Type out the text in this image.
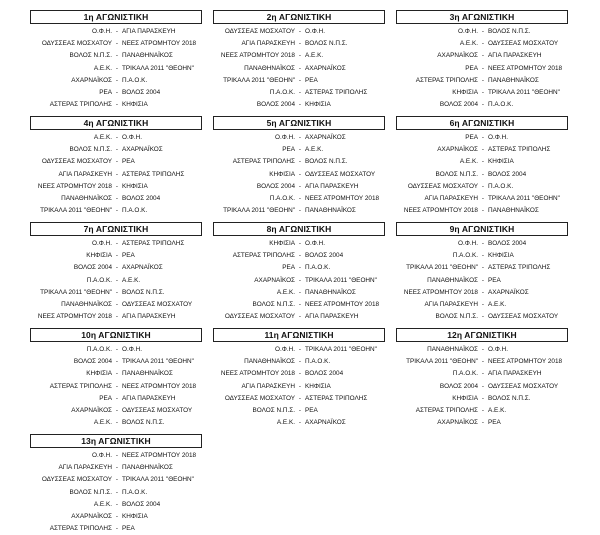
1η ΑΓΩΝΙΣΤΙΚΗ
Ο.Φ.Η. - ΑΓΙΑ ΠΑΡΑΣΚΕΥΗ
ΟΔΥΣΣΕΑΣ ΜΟΣΧΑΤΟΥ - ΝΕΕΣ ΑΤΡΟΜΗΤΟΥ 2018
ΒΟΛΟΣ Ν.Π.Σ. - ΠΑΝΑΘΗΝΑΪΚΟΣ
Α.Ε.Κ. - ΤΡΙΚΑΛΑ 2011 "ΘΕΟΗΝ"
ΑΧΑΡΝΑΪΚΟΣ - Π.Α.Ο.Κ.
ΡΕΑ - ΒΟΛΟΣ 2004
ΑΣΤΕΡΑΣ ΤΡΙΠΟΛΗΣ - ΚΗΦΙΣΙΑ
2η ΑΓΩΝΙΣΤΙΚΗ
ΟΔΥΣΣΕΑΣ ΜΟΣΧΑΤΟΥ - Ο.Φ.Η.
ΑΓΙΑ ΠΑΡΑΣΚΕΥΗ - ΒΟΛΟΣ Ν.Π.Σ.
ΝΕΕΣ ΑΤΡΟΜΗΤΟΥ 2018 - Α.Ε.Κ.
ΠΑΝΑΘΗΝΑΪΚΟΣ - ΑΧΑΡΝΑΪΚΟΣ
ΤΡΙΚΑΛΑ 2011 "ΘΕΟΗΝ" - ΡΕΑ
Π.Α.Ο.Κ. - ΑΣΤΕΡΑΣ ΤΡΙΠΟΛΗΣ
ΒΟΛΟΣ 2004 - ΚΗΦΙΣΙΑ
3η ΑΓΩΝΙΣΤΙΚΗ
Ο.Φ.Η. - ΒΟΛΟΣ Ν.Π.Σ.
Α.Ε.Κ. - ΟΔΥΣΣΕΑΣ ΜΟΣΧΑΤΟΥ
ΑΧΑΡΝΑΪΚΟΣ - ΑΓΙΑ ΠΑΡΑΣΚΕΥΗ
ΡΕΑ - ΝΕΕΣ ΑΤΡΟΜΗΤΟΥ 2018
ΑΣΤΕΡΑΣ ΤΡΙΠΟΛΗΣ - ΠΑΝΑΘΗΝΑΪΚΟΣ
ΚΗΦΙΣΙΑ - ΤΡΙΚΑΛΑ 2011 "ΘΕΟΗΝ"
ΒΟΛΟΣ 2004 - Π.Α.Ο.Κ.
4η ΑΓΩΝΙΣΤΙΚΗ
Α.Ε.Κ. - Ο.Φ.Η.
ΒΟΛΟΣ Ν.Π.Σ. - ΑΧΑΡΝΑΪΚΟΣ
ΟΔΥΣΣΕΑΣ ΜΟΣΧΑΤΟΥ - ΡΕΑ
ΑΓΙΑ ΠΑΡΑΣΚΕΥΗ - ΑΣΤΕΡΑΣ ΤΡΙΠΟΛΗΣ
ΝΕΕΣ ΑΤΡΟΜΗΤΟΥ 2018 - ΚΗΦΙΣΙΑ
ΠΑΝΑΘΗΝΑΪΚΟΣ - ΒΟΛΟΣ 2004
ΤΡΙΚΑΛΑ 2011 "ΘΕΟΗΝ" - Π.Α.Ο.Κ.
5η ΑΓΩΝΙΣΤΙΚΗ
Ο.Φ.Η. - ΑΧΑΡΝΑΪΚΟΣ
ΡΕΑ - Α.Ε.Κ.
ΑΣΤΕΡΑΣ ΤΡΙΠΟΛΗΣ - ΒΟΛΟΣ Ν.Π.Σ.
ΚΗΦΙΣΙΑ - ΟΔΥΣΣΕΑΣ ΜΟΣΧΑΤΟΥ
ΒΟΛΟΣ 2004 - ΑΓΙΑ ΠΑΡΑΣΚΕΥΗ
Π.Α.Ο.Κ. - ΝΕΕΣ ΑΤΡΟΜΗΤΟΥ 2018
ΤΡΙΚΑΛΑ 2011 "ΘΕΟΗΝ" - ΠΑΝΑΘΗΝΑΪΚΟΣ
6η ΑΓΩΝΙΣΤΙΚΗ
ΡΕΑ - Ο.Φ.Η.
ΑΧΑΡΝΑΪΚΟΣ - ΑΣΤΕΡΑΣ ΤΡΙΠΟΛΗΣ
Α.Ε.Κ. - ΚΗΦΙΣΙΑ
ΒΟΛΟΣ Ν.Π.Σ. - ΒΟΛΟΣ 2004
ΟΔΥΣΣΕΑΣ ΜΟΣΧΑΤΟΥ - Π.Α.Ο.Κ.
ΑΓΙΑ ΠΑΡΑΣΚΕΥΗ - ΤΡΙΚΑΛΑ 2011 "ΘΕΟΗΝ"
ΝΕΕΣ ΑΤΡΟΜΗΤΟΥ 2018 - ΠΑΝΑΘΗΝΑΪΚΟΣ
7η ΑΓΩΝΙΣΤΙΚΗ
Ο.Φ.Η. - ΑΣΤΕΡΑΣ ΤΡΙΠΟΛΗΣ
ΚΗΦΙΣΙΑ - ΡΕΑ
ΒΟΛΟΣ 2004 - ΑΧΑΡΝΑΪΚΟΣ
Π.Α.Ο.Κ. - Α.Ε.Κ.
ΤΡΙΚΑΛΑ 2011 "ΘΕΟΗΝ" - ΒΟΛΟΣ Ν.Π.Σ.
ΠΑΝΑΘΗΝΑΪΚΟΣ - ΟΔΥΣΣΕΑΣ ΜΟΣΧΑΤΟΥ
ΝΕΕΣ ΑΤΡΟΜΗΤΟΥ 2018 - ΑΓΙΑ ΠΑΡΑΣΚΕΥΗ
8η ΑΓΩΝΙΣΤΙΚΗ
ΚΗΦΙΣΙΑ - Ο.Φ.Η.
ΑΣΤΕΡΑΣ ΤΡΙΠΟΛΗΣ - ΒΟΛΟΣ 2004
ΡΕΑ - Π.Α.Ο.Κ.
ΑΧΑΡΝΑΪΚΟΣ - ΤΡΙΚΑΛΑ 2011 "ΘΕΟΗΝ"
Α.Ε.Κ. - ΠΑΝΑΘΗΝΑΪΚΟΣ
ΒΟΛΟΣ Ν.Π.Σ. - ΝΕΕΣ ΑΤΡΟΜΗΤΟΥ 2018
ΟΔΥΣΣΕΑΣ ΜΟΣΧΑΤΟΥ - ΑΓΙΑ ΠΑΡΑΣΚΕΥΗ
9η ΑΓΩΝΙΣΤΙΚΗ
Ο.Φ.Η. - ΒΟΛΟΣ 2004
Π.Α.Ο.Κ. - ΚΗΦΙΣΙΑ
ΤΡΙΚΑΛΑ 2011 "ΘΕΟΗΝ" - ΑΣΤΕΡΑΣ ΤΡΙΠΟΛΗΣ
ΠΑΝΑΘΗΝΑΪΚΟΣ - ΡΕΑ
ΝΕΕΣ ΑΤΡΟΜΗΤΟΥ 2018 - ΑΧΑΡΝΑΪΚΟΣ
ΑΓΙΑ ΠΑΡΑΣΚΕΥΗ - Α.Ε.Κ.
ΒΟΛΟΣ Ν.Π.Σ. - ΟΔΥΣΣΕΑΣ ΜΟΣΧΑΤΟΥ
10η ΑΓΩΝΙΣΤΙΚΗ
Π.Α.Ο.Κ. - Ο.Φ.Η.
ΒΟΛΟΣ 2004 - ΤΡΙΚΑΛΑ 2011 "ΘΕΟΗΝ"
ΚΗΦΙΣΙΑ - ΠΑΝΑΘΗΝΑΪΚΟΣ
ΑΣΤΕΡΑΣ ΤΡΙΠΟΛΗΣ - ΝΕΕΣ ΑΤΡΟΜΗΤΟΥ 2018
ΡΕΑ - ΑΓΙΑ ΠΑΡΑΣΚΕΥΗ
ΑΧΑΡΝΑΪΚΟΣ - ΟΔΥΣΣΕΑΣ ΜΟΣΧΑΤΟΥ
Α.Ε.Κ. - ΒΟΛΟΣ Ν.Π.Σ.
11η ΑΓΩΝΙΣΤΙΚΗ
Ο.Φ.Η. - ΤΡΙΚΑΛΑ 2011 "ΘΕΟΗΝ"
ΠΑΝΑΘΗΝΑΪΚΟΣ - Π.Α.Ο.Κ.
ΝΕΕΣ ΑΤΡΟΜΗΤΟΥ 2018 - ΒΟΛΟΣ 2004
ΑΓΙΑ ΠΑΡΑΣΚΕΥΗ - ΚΗΦΙΣΙΑ
ΟΔΥΣΣΕΑΣ ΜΟΣΧΑΤΟΥ - ΑΣΤΕΡΑΣ ΤΡΙΠΟΛΗΣ
ΒΟΛΟΣ Ν.Π.Σ. - ΡΕΑ
Α.Ε.Κ. - ΑΧΑΡΝΑΪΚΟΣ
12η ΑΓΩΝΙΣΤΙΚΗ
ΠΑΝΑΘΗΝΑΪΚΟΣ - Ο.Φ.Η.
ΤΡΙΚΑΛΑ 2011 "ΘΕΟΗΝ" - ΝΕΕΣ ΑΤΡΟΜΗΤΟΥ 2018
Π.Α.Ο.Κ. - ΑΓΙΑ ΠΑΡΑΣΚΕΥΗ
ΒΟΛΟΣ 2004 - ΟΔΥΣΣΕΑΣ ΜΟΣΧΑΤΟΥ
ΚΗΦΙΣΙΑ - ΒΟΛΟΣ Ν.Π.Σ.
ΑΣΤΕΡΑΣ ΤΡΙΠΟΛΗΣ - Α.Ε.Κ.
ΑΧΑΡΝΑΪΚΟΣ - ΡΕΑ
13η ΑΓΩΝΙΣΤΙΚΗ
Ο.Φ.Η. - ΝΕΕΣ ΑΤΡΟΜΗΤΟΥ 2018
ΑΓΙΑ ΠΑΡΑΣΚΕΥΗ - ΠΑΝΑΘΗΝΑΪΚΟΣ
ΟΔΥΣΣΕΑΣ ΜΟΣΧΑΤΟΥ - ΤΡΙΚΑΛΑ 2011 "ΘΕΟΗΝ"
ΒΟΛΟΣ Ν.Π.Σ. - Π.Α.Ο.Κ.
Α.Ε.Κ. - ΒΟΛΟΣ 2004
ΑΧΑΡΝΑΪΚΟΣ - ΚΗΦΙΣΙΑ
ΑΣΤΕΡΑΣ ΤΡΙΠΟΛΗΣ - ΡΕΑ
